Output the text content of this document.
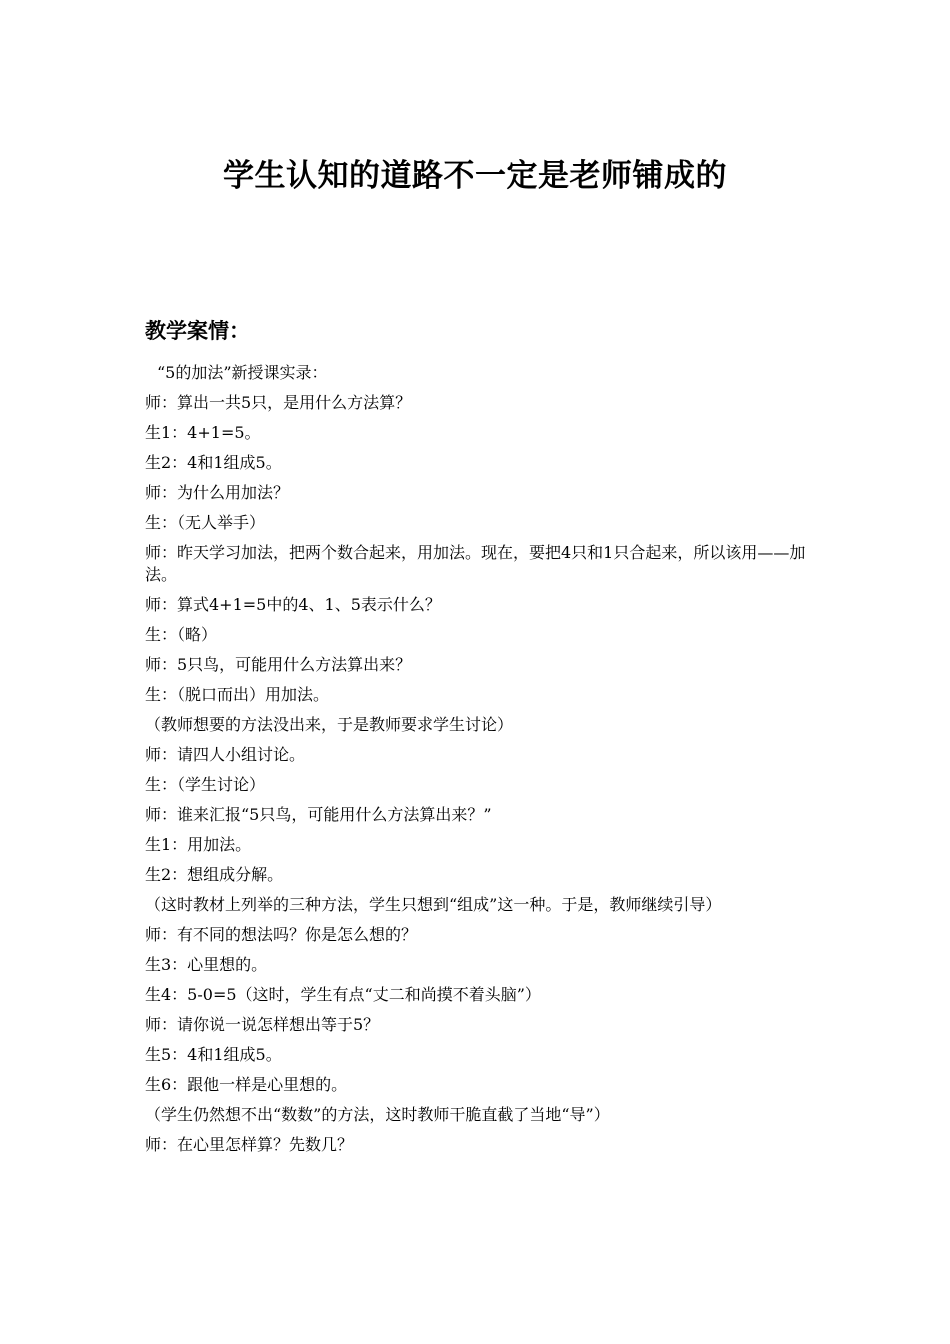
学生认知的道路不一定是老师铺成的
教学案情：

“5的加法”新授课实录：

师：算出一共5只，是用什么方法算？

生1：4+1=5。

生2：4和1组成5。

师：为什么用加法？

生：（无人举手）

师：昨天学习加法，把两个数合起来，用加法。现在，要把4只和1只合起来，所以该用——加法。

师：算式4+1=5中的4、1、5表示什么？

生：（略）

师：5只鸟，可能用什么方法算出来？

生：（脱口而出）用加法。

（教师想要的方法没出来，于是教师要求学生讨论）

师：请四人小组讨论。

生：（学生讨论）

师：谁来汇报“5只鸟，可能用什么方法算出来？”

生1：用加法。

生2：想组成分解。

（这时教材上列举的三种方法，学生只想到“组成”这一种。于是，教师继续引导）

师：有不同的想法吗？你是怎么想的？

生3：心里想的。

生4：5-0=5（这时，学生有点“丈二和尚摸不着头脑”）

师：请你说一说怎样想出等于5？

生5：4和1组成5。

生6：跟他一样是心里想的。

（学生仍然想不出“数数”的方法，这时教师干脆直截了当地“导”）

师：在心里怎样算？先数几？
